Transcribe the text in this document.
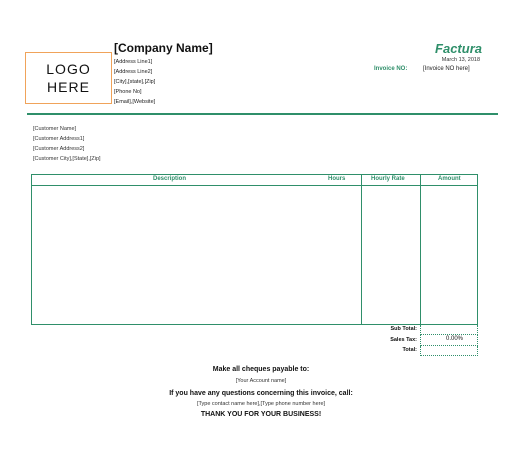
LOGO
HERE
[Company Name]
[Address Line1]
[Address Line2]
[City],[state],[Zip]
[Phone No]
[Email],[Website]
Factura
March 13, 2018
Invoice NO:	[Invoice NO here]
[Customer Name]
[Customer Address1]
[Customer Address2]
[Customer City],[State],[Zip]
Description	Hours	Hourly Rate	Amount
Sub Total:
Sales Tax:	0.00%
Total:
Make all cheques payable to:
[Your Account name]
If you have any questions concerning this invoice, call:
[Type contact name here],[Type phone number here]
THANK YOU FOR YOUR BUSINESS!
